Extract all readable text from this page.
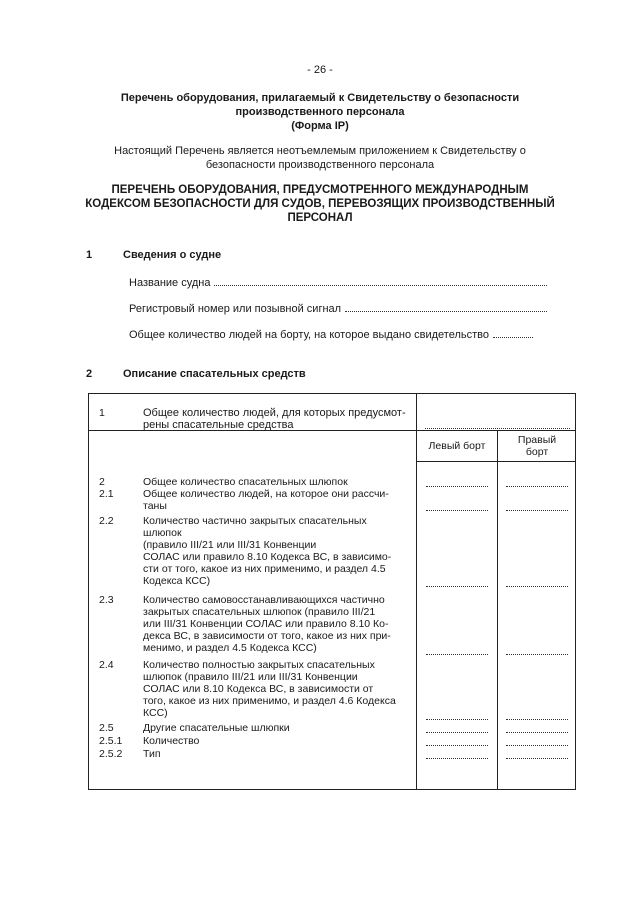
- 26 -
Перечень оборудования, прилагаемый к Свидетельству о безопасности
производственного персонала
(Форма IP)
Настоящий Перечень является неотъемлемым приложением к Свидетельству о
безопасности производственного персонала
ПЕРЕЧЕНЬ ОБОРУДОВАНИЯ, ПРЕДУСМОТРЕННОГО МЕЖДУНАРОДНЫМ
КОДЕКСОМ БЕЗОПАСНОСТИ ДЛЯ СУДОВ, ПЕРЕВОЗЯЩИХ ПРОИЗВОДСТВЕННЫЙ
ПЕРСОНАЛ
1	Сведения о судне
Название судна
Регистровый номер или позывной сигнал
Общее количество людей на борту, на которое выдано свидетельство
2	Описание спасательных средств
1	Общее количество людей, для которых предусмот-
рены спасательные средства
Левый борт	Правый
борт
2	Общее количество спасательных шлюпок
2.1	Общее количество людей, на которое они рассчи-
таны
2.2	Количество частично закрытых спасательных
шлюпок
(правило III/21 или III/31 Конвенции
СОЛАС или правило 8.10 Кодекса ВС, в зависимо-
сти от того, какое из них применимо, и раздел 4.5
Кодекса КСС)
2.3	Количество самовосстанавливающихся частично
закрытых спасательных шлюпок (правило III/21
или III/31 Конвенции СОЛАС или правило 8.10 Ко-
декса ВС, в зависимости от того, какое из них при-
менимо, и раздел 4.5 Кодекса КСС)
2.4	Количество полностью закрытых спасательных
шлюпок (правило III/21 или III/31 Конвенции
СОЛАС или 8.10 Кодекса ВС, в зависимости от
того, какое из них применимо, и раздел 4.6 Кодекса
КСС)
2.5	Другие спасательные шлюпки
2.5.1 Количество
2.5.2 Тип
